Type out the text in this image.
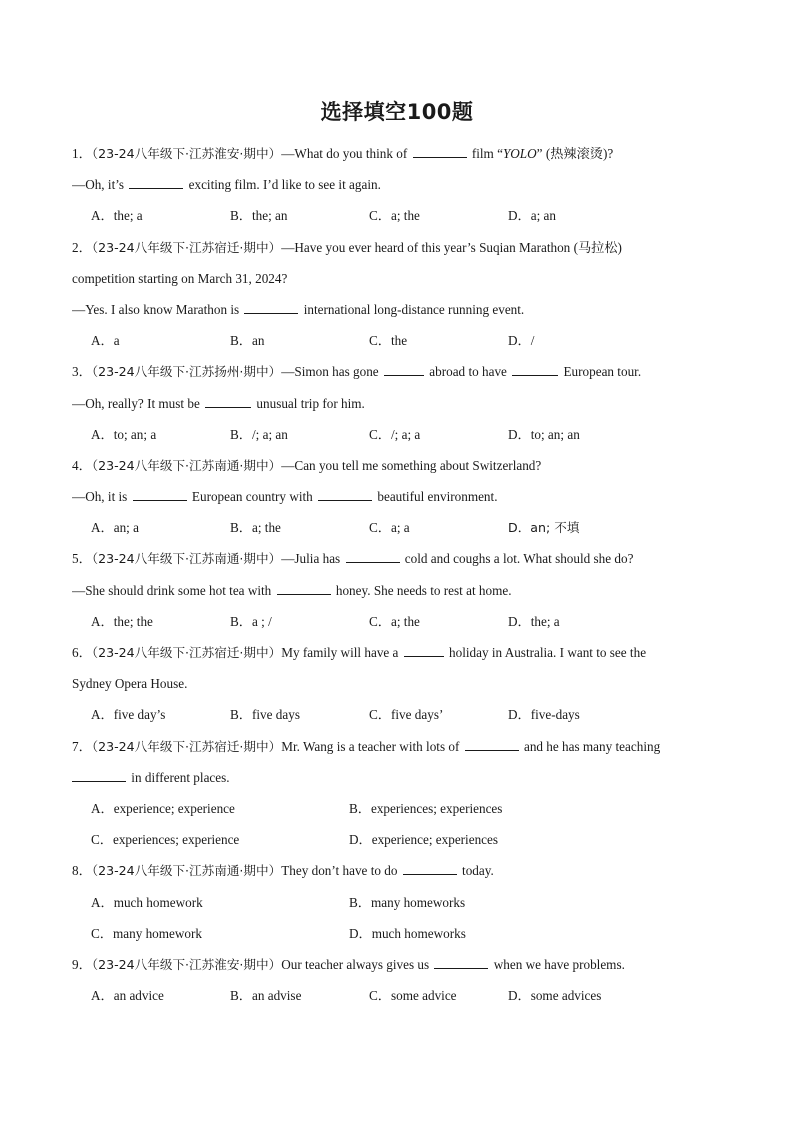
选择填空100题
1．（23-24八年级下·江苏淮安·期中）—What do you think of	film “YOLO” (热辣滚烫)?
—Oh, it’s	exciting film. I’d like to see it again.
A．the; a	B．the; an	C．a; the	D．a; an
2．（23-24八年级下·江苏宿迁·期中）—Have you ever heard of this year’s Suqian Marathon (马拉松)
competition starting on March 31, 2024?
—Yes. I also know Marathon is	international long-distance running event.
A．a	B．an	C．the	D．/
3．（23-24八年级下·江苏扬州·期中）—Simon has gone	abroad to have	European tour.
—Oh, really? It must be	unusual trip for him.
A．to; an; a	B．/; a; an	C．/; a; a	D．to; an; an
4．（23-24八年级下·江苏南通·期中）—Can you tell me something about Switzerland?
—Oh, it is	European country with	beautiful environment.
A．an; a	B．a; the	C．a; a	D．an; 不填
5．（23-24八年级下·江苏南通·期中）—Julia has	cold and coughs a lot. What should she do?
—She should drink some hot tea with	honey. She needs to rest at home.
A．the; the	B．a ; /	C．a; the	D．the; a
6．（23-24八年级下·江苏宿迁·期中）My family will have a	holiday in Australia. I want to see the
Sydney Opera House.
A．five day’s	B．five days	C．five days’	D．five-days
7．（23-24八年级下·江苏宿迁·期中）Mr. Wang is a teacher with lots of	and he has many teaching
in different places.
A．experience; experience	B．experiences; experiences
C．experiences; experience	D．experience; experiences
8．（23-24八年级下·江苏南通·期中）They don’t have to do	today.
A．much homework	B．many homeworks
C．many homework	D．much homeworks
9．（23-24八年级下·江苏淮安·期中）Our teacher always gives us	when we have problems.
A．an advice	B．an advise	C．some advice	D．some advices
